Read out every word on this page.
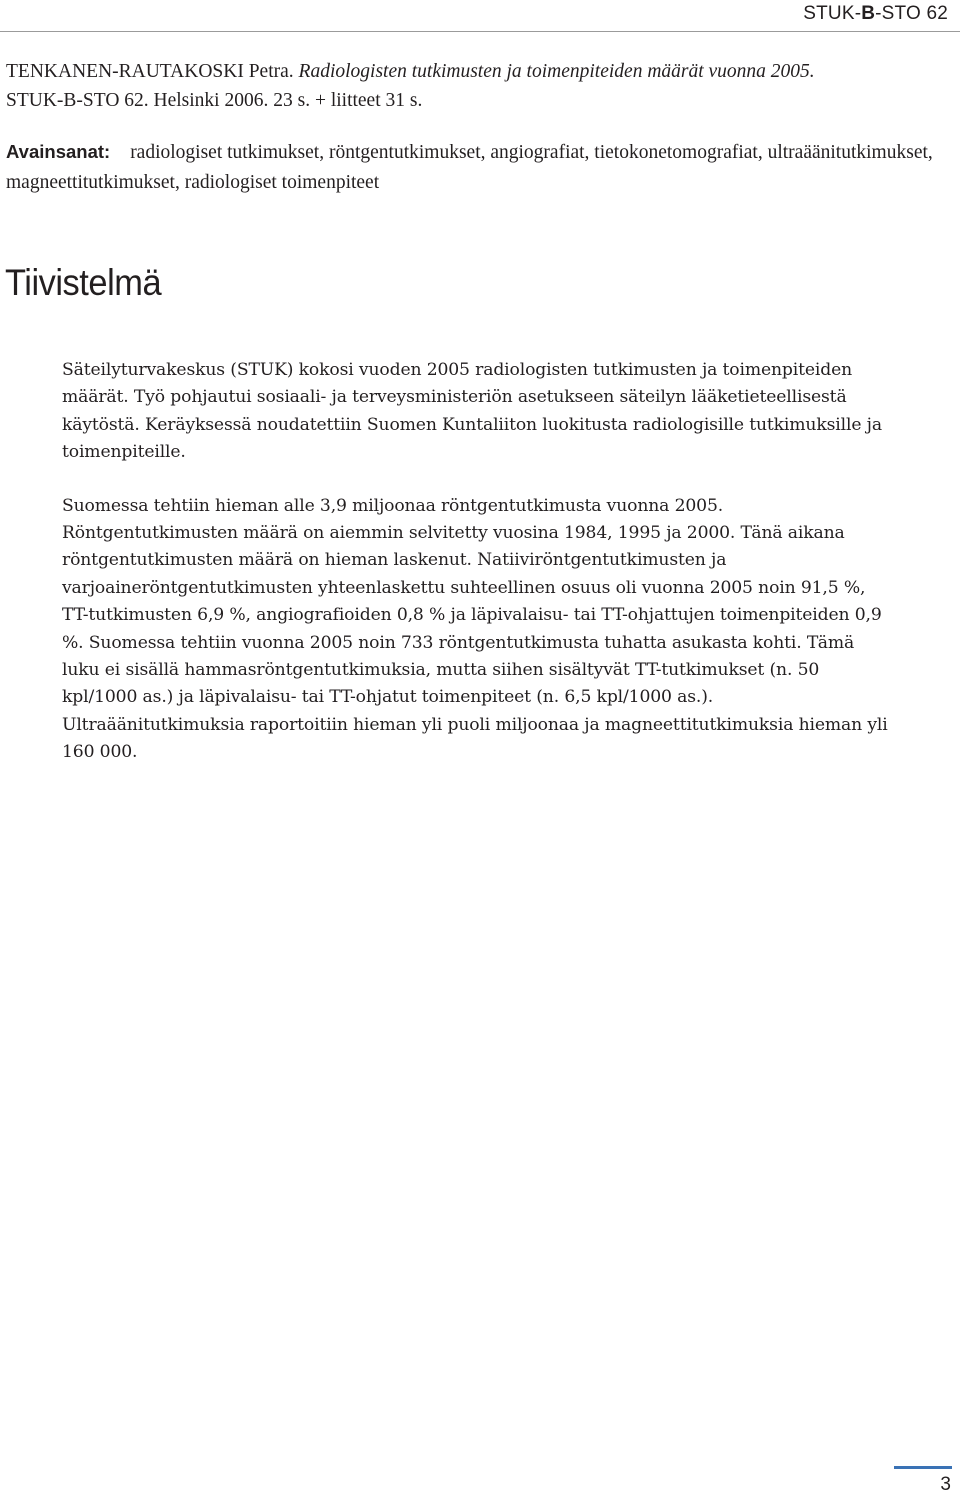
STUK-B-STO 62
TENKANEN-RAUTAKOSKI Petra. Radiologisten tutkimusten ja toimenpiteiden määrät vuonna 2005.
STUK-B-STO 62. Helsinki 2006. 23 s. + liitteet 31 s.
Avainsanat: radiologiset tutkimukset, röntgentutkimukset, angiografiat, tietokonetomografiat, ultraäänitutkimukset, magneettitutkimukset, radiologiset toimenpiteet
Tiivistelmä

Säteilyturvakeskus (STUK) kokosi vuoden 2005 radiologisten tutkimusten ja toimenpiteiden määrät. Työ pohjautui sosiaali- ja terveysministeriön asetukseen säteilyn lääketieteellisestä käytöstä. Keräyksessä noudatettiin Suomen Kuntaliiton luokitusta radiologisille tutkimuksille ja toimenpiteille.

Suomessa tehtiin hieman alle 3,9 miljoonaa röntgentutkimusta vuonna 2005. Röntgentutkimusten määrä on aiemmin selvitetty vuosina 1984, 1995 ja 2000. Tänä aikana röntgentutkimusten määrä on hieman laskenut. Natiiviröntgentutkimusten ja varjoaineröntgentutkimusten yhteenlaskettu suhteellinen osuus oli vuonna 2005 noin 91,5 %, TT-tutkimusten 6,9 %, angiografioiden 0,8 % ja läpivalaisu- tai TT-ohjattujen toimenpiteiden 0,9 %. Suomessa tehtiin vuonna 2005 noin 733 röntgentutkimusta tuhatta asukasta kohti. Tämä luku ei sisällä hammasröntgentutkimuksia, mutta siihen sisältyvät TT-tutkimukset (n. 50 kpl/1000 as.) ja läpivalaisu- tai TT-ohjatut toimenpiteet (n. 6,5 kpl/1000 as.). Ultraäänitutkimuksia raportoitiin hieman yli puoli miljoonaa ja magneettitutkimuksia hieman yli 160 000.

3
